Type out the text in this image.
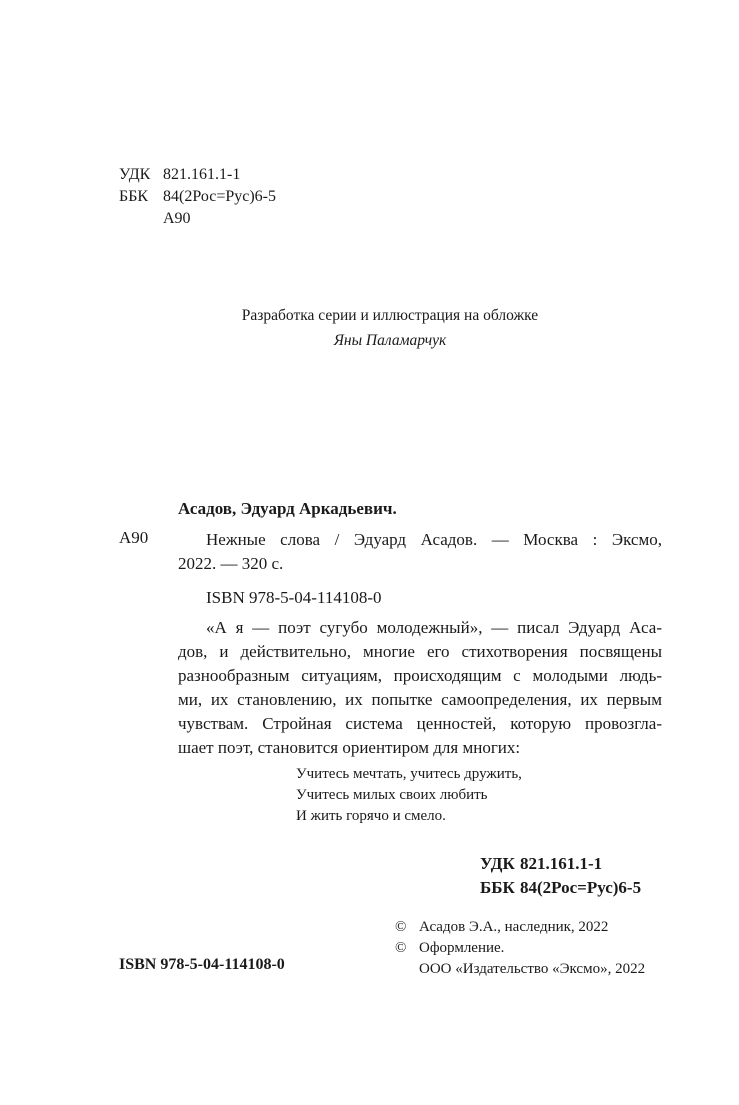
УДК 821.161.1-1
ББК 84(2Рос=Рус)6-5
А90
Разработка серии и иллюстрация на обложке
Яны Паламарчук
Асадов, Эдуард Аркадьевич.
А90	Нежные слова / Эдуард Асадов. — Москва : Эксмо,
2022. — 320 с.
ISBN 978-5-04-114108-0
«А я — поэт сугубо молодежный», — писал Эдуард Аса-
дов, и действительно, многие его стихотворения посвящены
разнообразным ситуациям, происходящим с молодыми людь-
ми, их становлению, их попытке самоопределения, их первым
чувствам. Стройная система ценностей, которую провозгла-
шает поэт, становится ориентиром для многих:
Учитесь мечтать, учитесь дружить,
Учитесь милых своих любить
И жить горячо и смело.
УДК 821.161.1-1
ББК 84(2Рос=Рус)6-5
© Асадов Э.А., наследник, 2022
© Оформление.
ООО «Издательство «Эксмо», 2022
ISBN 978-5-04-114108-0
